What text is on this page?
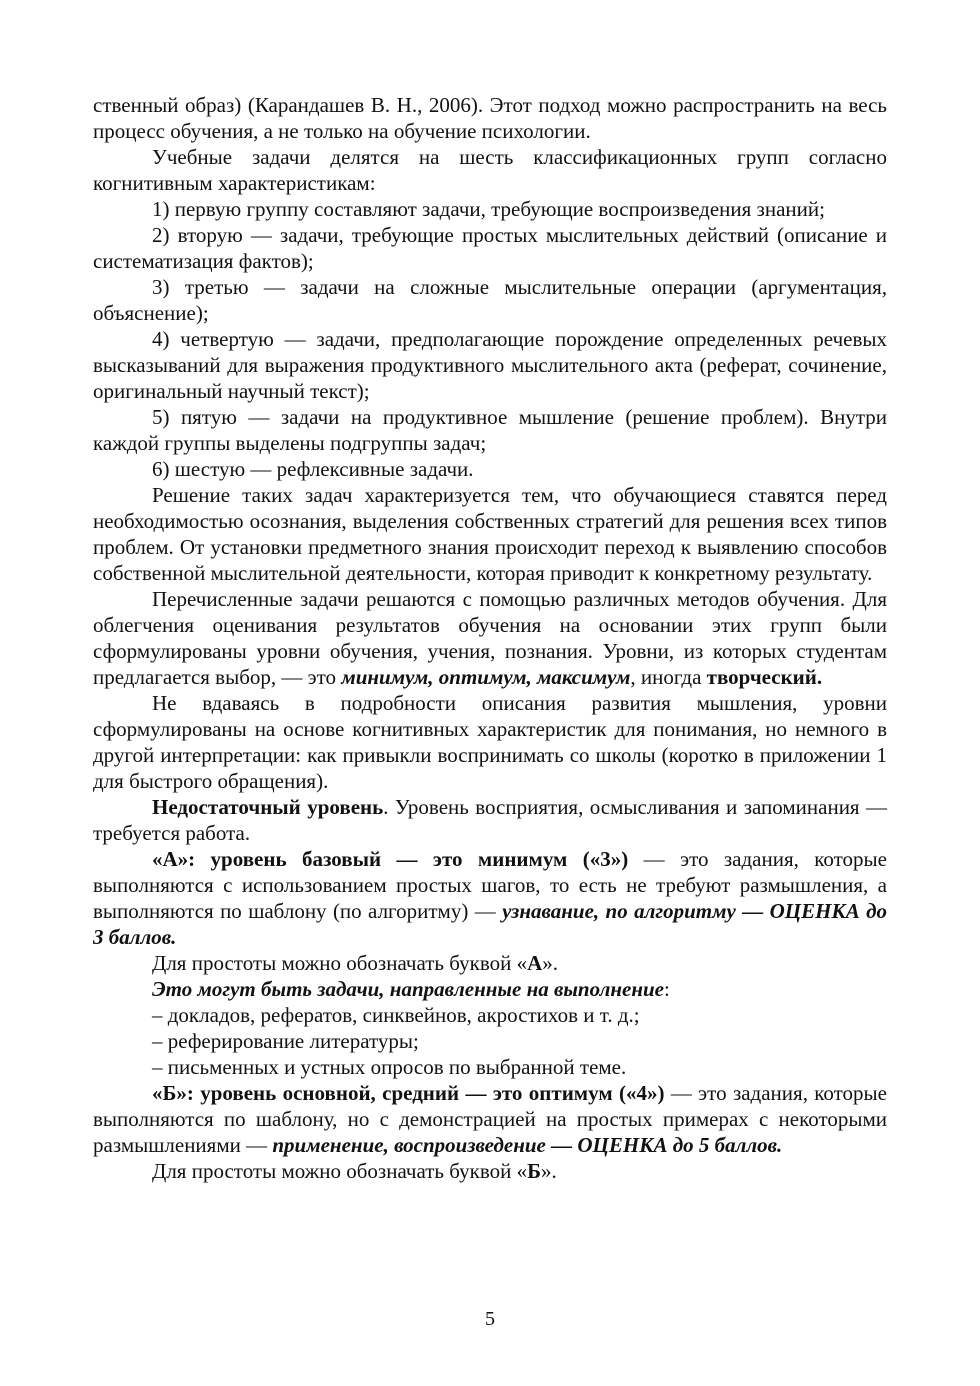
ственный образ) (Карандашев В. Н., 2006). Этот подход можно распространить на весь процесс обучения, а не только на обучение психологии.

Учебные задачи делятся на шесть классификационных групп согласно когнитивным характеристикам:

1) первую группу составляют задачи, требующие воспроизведения знаний;

2) вторую — задачи, требующие простых мыслительных действий (описание и систематизация фактов);

3) третью — задачи на сложные мыслительные операции (аргументация, объяснение);

4) четвертую — задачи, предполагающие порождение определенных речевых высказываний для выражения продуктивного мыслительного акта (реферат, сочинение, оригинальный научный текст);

5) пятую — задачи на продуктивное мышление (решение проблем). Внутри каждой группы выделены подгруппы задач;

6) шестую — рефлексивные задачи.

Решение таких задач характеризуется тем, что обучающиеся ставятся перед необходимостью осознания, выделения собственных стратегий для решения всех типов проблем. От установки предметного знания происходит переход к выявлению способов собственной мыслительной деятельности, которая приводит к конкретному результату.

Перечисленные задачи решаются с помощью различных методов обучения. Для облегчения оценивания результатов обучения на основании этих групп были сформулированы уровни обучения, учения, познания. Уровни, из которых студентам предлагается выбор, — это минимум, оптимум, максимум, иногда творческий.

Не вдаваясь в подробности описания развития мышления, уровни сформулированы на основе когнитивных характеристик для понимания, но немного в другой интерпретации: как привыкли воспринимать со школы (коротко в приложении 1 для быстрого обращения).

Недостаточный уровень. Уровень восприятия, осмысливания и запоминания — требуется работа.

«А»: уровень базовый — это минимум («3») — это задания, которые выполняются с использованием простых шагов, то есть не требуют размышления, а выполняются по шаблону (по алгоритму) — узнавание, по алгоритму — ОЦЕНКА до 3 баллов.

Для простоты можно обозначать буквой «А».

Это могут быть задачи, направленные на выполнение:

– докладов, рефератов, синквейнов, акростихов и т. д.;

– реферирование литературы;

– письменных и устных опросов по выбранной теме.

«Б»: уровень основной, средний — это оптимум («4») — это задания, которые выполняются по шаблону, но с демонстрацией на простых примерах с некоторыми размышлениями — применение, воспроизведение — ОЦЕНКА до 5 баллов.

Для простоты можно обозначать буквой «Б».

5
